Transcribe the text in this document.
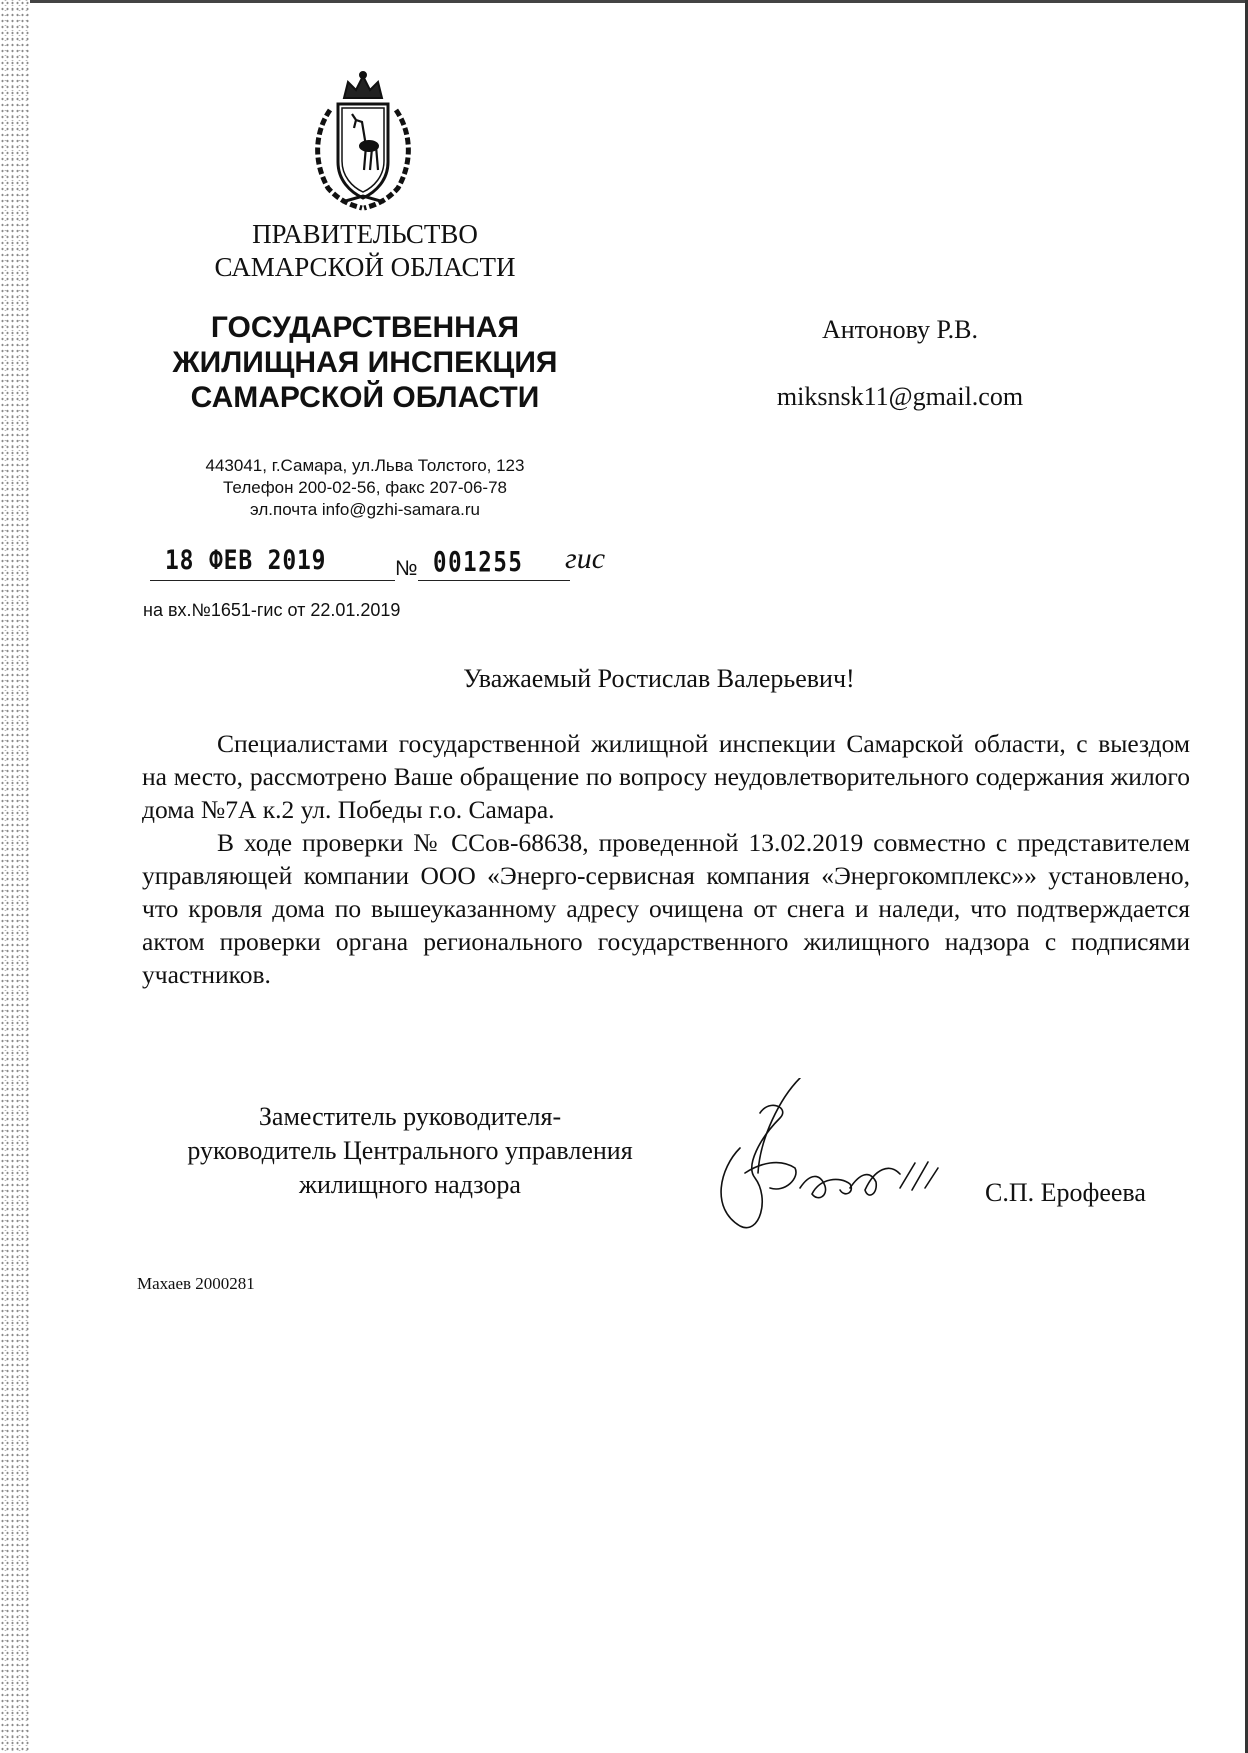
ПРАВИТЕЛЬСТВО
САМАРСКОЙ ОБЛАСТИ
ГОСУДАРСТВЕННАЯ
ЖИЛИЩНАЯ ИНСПЕКЦИЯ
САМАРСКОЙ ОБЛАСТИ
443041, г.Самара, ул.Льва Толстого, 123
Телефон 200-02-56, факс 207-06-78
эл.почта info@gzhi-samara.ru
Антонову Р.В.
miksnsk11@gmail.com
18 ФЕВ 2019	№ 001255 гис
на вх.№1651-гис от 22.01.2019
Уважаемый Ростислав Валерьевич!

Специалистами государственной жилищной инспекции Самарской области, с выездом на место, рассмотрено Ваше обращение по вопросу неудовлетворительного содержания жилого дома №7А к.2 ул. Победы г.о. Самара.

В ходе проверки № ССов-68638, проведенной 13.02.2019 совместно с представителем управляющей компании ООО «Энерго-сервисная компания «Энергокомплекс»» установлено, что кровля дома по вышеуказанному адресу очищена от снега и наледи, что подтверждается актом проверки органа регионального государственного жилищного надзора с подписями участников.

Заместитель руководителя-
руководитель Центрального управления
жилищного надзора	С.П. Ерофеева
Махаев 2000281
